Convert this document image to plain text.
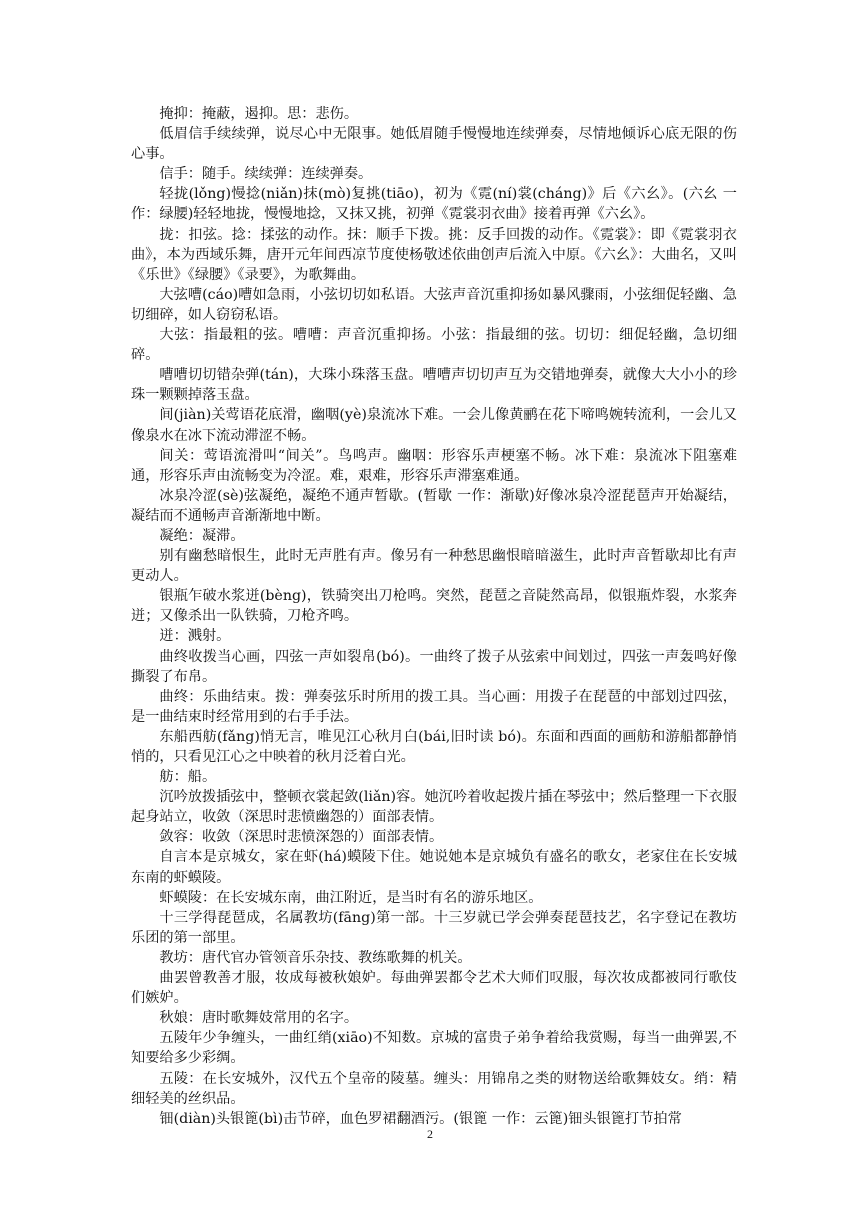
掩抑：掩蔽，遏抑。思：悲伤。

低眉信手续续弹，说尽心中无限事。她低眉随手慢慢地连续弹奏，尽情地倾诉心底无限的伤心事。

信手：随手。续续弹：连续弹奏。

轻拢(lǒng)慢捻(niǎn)抹(mò)复挑(tiāo)，初为《霓(ní)裳(cháng)》后《六幺》。(六幺 一作：绿腰)轻轻地拢，慢慢地捻，又抹又挑，初弹《霓裳羽衣曲》接着再弹《六幺》。

拢：扣弦。捻：揉弦的动作。抹：顺手下拨。挑：反手回拨的动作。《霓裳》：即《霓裳羽衣曲》，本为西域乐舞，唐开元年间西凉节度使杨敬述依曲创声后流入中原。《六幺》：大曲名，又叫《乐世》《绿腰》《录要》，为歌舞曲。

大弦嘈(cáo)嘈如急雨，小弦切切如私语。大弦声音沉重抑扬如暴风骤雨，小弦细促轻幽、急切细碎，如人窃窃私语。

大弦：指最粗的弦。嘈嘈：声音沉重抑扬。小弦：指最细的弦。切切：细促轻幽，急切细碎。

嘈嘈切切错杂弹(tán)，大珠小珠落玉盘。嘈嘈声切切声互为交错地弹奏，就像大大小小的珍珠一颗颗掉落玉盘。

间(jiàn)关莺语花底滑，幽咽(yè)泉流冰下难。一会儿像黄鹂在花下啼鸣婉转流利，一会儿又像泉水在冰下流动滞涩不畅。

间关：莺语流滑叫“间关”。鸟鸣声。幽咽：形容乐声梗塞不畅。冰下难：泉流冰下阻塞难通，形容乐声由流畅变为冷涩。难，艰难，形容乐声滞塞难通。

冰泉冷涩(sè)弦凝绝，凝绝不通声暂歇。(暂歇 一作：渐歇)好像冰泉冷涩琵琶声开始凝结，凝结而不通畅声音渐渐地中断。

凝绝：凝滞。

别有幽愁暗恨生，此时无声胜有声。像另有一种愁思幽恨暗暗滋生，此时声音暂歇却比有声更动人。

银瓶乍破水浆迸(bèng)，铁骑突出刀枪鸣。突然，琵琶之音陡然高昂，似银瓶炸裂，水浆奔迸；又像杀出一队铁骑，刀枪齐鸣。

迸：溅射。

曲终收拨当心画，四弦一声如裂帛(bó)。一曲终了拨子从弦索中间划过，四弦一声轰鸣好像撕裂了布帛。

曲终：乐曲结束。拨：弹奏弦乐时所用的拨工具。当心画：用拨子在琵琶的中部划过四弦，是一曲结束时经常用到的右手手法。

东船西舫(fǎng)悄无言，唯见江心秋月白(bái,旧时读 bó)。东面和西面的画舫和游船都静悄悄的，只看见江心之中映着的秋月泛着白光。

舫：船。

沉吟放拨插弦中，整顿衣裳起敛(liǎn)容。她沉吟着收起拨片插在琴弦中；然后整理一下衣服起身站立，收敛（深思时悲愤幽怨的）面部表情。

敛容：收敛（深思时悲愤深怨的）面部表情。

自言本是京城女，家在虾(há)蟆陵下住。她说她本是京城负有盛名的歌女，老家住在长安城东南的虾蟆陵。

虾蟆陵：在长安城东南，曲江附近，是当时有名的游乐地区。

十三学得琵琶成，名属教坊(fāng)第一部。十三岁就已学会弹奏琵琶技艺，名字登记在教坊乐团的第一部里。

教坊：唐代官办管领音乐杂技、教练歌舞的机关。

曲罢曾教善才服，妆成每被秋娘妒。每曲弹罢都令艺术大师们叹服，每次妆成都被同行歌伎们嫉妒。

秋娘：唐时歌舞妓常用的名字。

五陵年少争缠头，一曲红绡(xiāo)不知数。京城的富贵子弟争着给我赏赐，每当一曲弹罢,不知要给多少彩绸。

五陵：在长安城外，汉代五个皇帝的陵墓。缠头：用锦帛之类的财物送给歌舞妓女。绡：精细轻美的丝织品。

钿(diàn)头银篦(bì)击节碎，血色罗裙翻酒污。(银篦 一作：云篦)钿头银篦打节拍常

2
